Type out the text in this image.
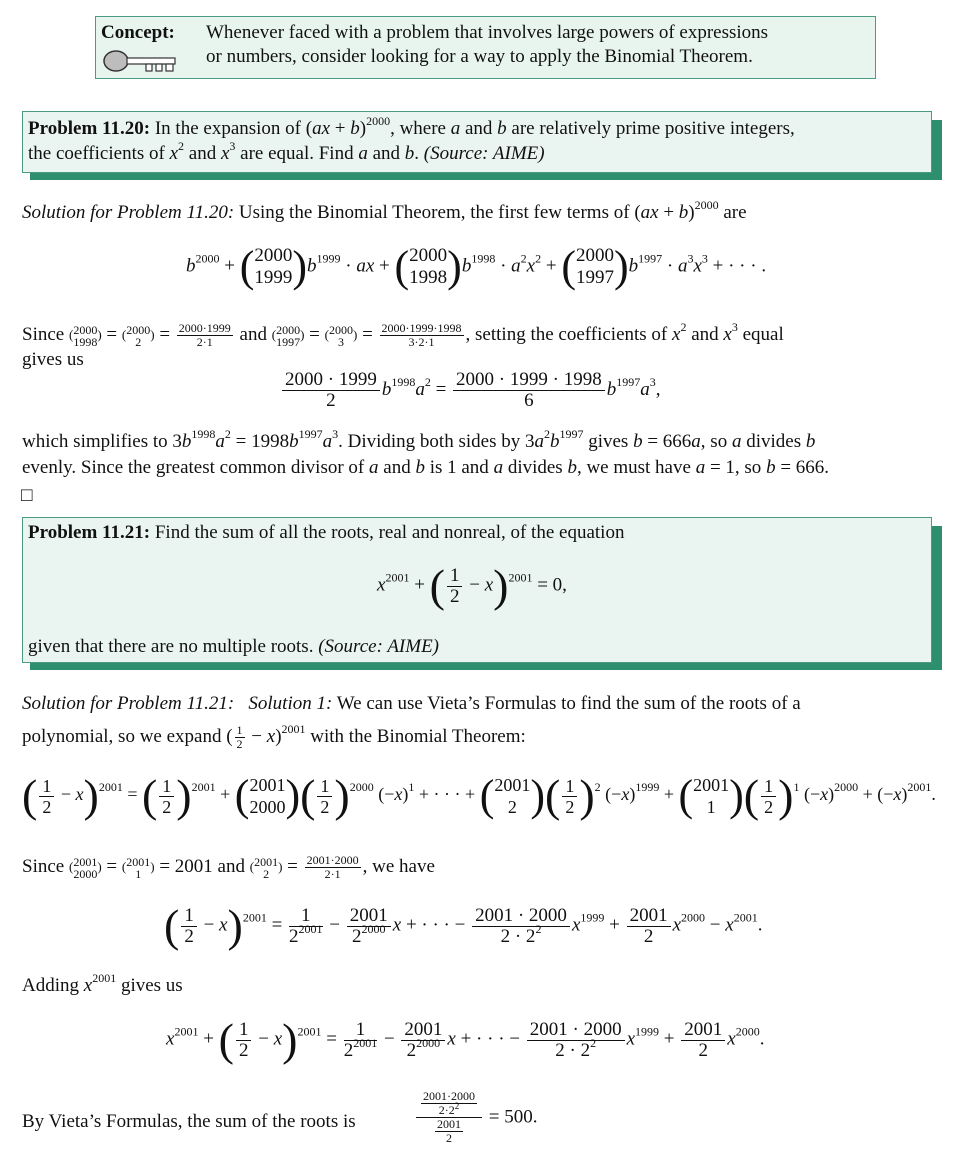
Concept: Whenever faced with a problem that involves large powers of expressions
or numbers, consider looking for a way to apply the Binomial Theorem.
Problem 11.20: In the expansion of (ax + b)$^{2000}$, where a and b are relatively prime positive integers,
the coefficients of $x^2$ and $x^3$ are equal. Find a and b. (Source: AIME)
Solution for Problem 11.20: Using the Binomial Theorem, the first few terms of (ax + b)$^{2000}$ are
$b^{2000}$ + ( 2000
1999 )$b^{1999}$ · ax + ( 2000
1998 )$b^{1998} \cdot a^2x^2$ + ( 2000
1997 )$b^{1997} \cdot a^3x^3$ + · · · .
Since ( 2000
1998
) = ( 2000
2
) = $\frac{2000\cdot 1999}{2\cdot 1}$ and ( 2000
1997
) = ( 2000
3
) = $\frac{2000\cdot 1999\cdot 1998}{3\cdot 2\cdot 1}$ , setting the coefficients of $x^2$ and $x^3$ equal
gives us
$\frac{2000 \cdot 1999}{2} b^{1998}a^2 = \frac{2000 \cdot 1999 \cdot 1998}{6} b^{1997}a^3$,
which simplifies to $3b^{1998}a^2 = 1998b^{1997}a^3$. Dividing both sides by $3a^2b^{1997}$ gives b = 666a, so a divides b
evenly. Since the greatest common divisor of a and b is 1 and a divides b, we must have a = 1, so b = 666.
□
Problem 11.21: Find the sum of all the roots, real and nonreal, of the equation
$x^{2001}$ + ( $\frac{1}{2} - x)^{2001} = 0$,
given that there are no multiple roots. (Source: AIME)
Solution for Problem 11.21: Solution 1: We can use Vieta’s Formulas to find the sum of the roots of a
polynomial, so we expand ( $\frac{1}{2} - x)^{2001}$ with the Binomial Theorem:
( $\frac{1}{2} - x)^{2001}$ = ( $\frac{1}{2} )^{2001}$ + ( 2001
2000 )( $\frac{1}{2} )^{2000}$ $(-x)^1$ + · · · + ( 2001
2 )( $\frac{1}{2} )^2$ $(-x)^{1999}$ + ( 2001
1 )( $\frac{1}{2} )^1$ $(-x)^{2000} + (-x)^{2001}$.
Since ( 2001
2000
) = ( 2001
1
) = 2001 and ( 2001
2
) = $\frac{2001\cdot 2000}{2\cdot 1}$ , we have
( $\frac{1}{2} - x)^{2001} = \frac{1}{2^{2001}} - \frac{2001}{2^{2000}}$ x + · · · − $\frac{2001 \cdot 2000}{2 \cdot 2^2} x^{1999} + \frac{2001}{2} x^{2000} - x^{2001}$.
Adding $x^{2001}$ gives us
$x^{2001}$ + ( $\frac{1}{2} - x)^{2001} = \frac{1}{2^{2001}} - \frac{2001}{2^{2000}}$ x + · · · − $\frac{2001 \cdot 2000}{2 \cdot 2^2} x^{1999} + \frac{2001}{2} x^{2000}$.
By Vieta’s Formulas, the sum of the roots is	$\frac{\frac{2001\cdot 2000}{2\cdot 2^2}}{\frac{2001}{2}} = 500$.
